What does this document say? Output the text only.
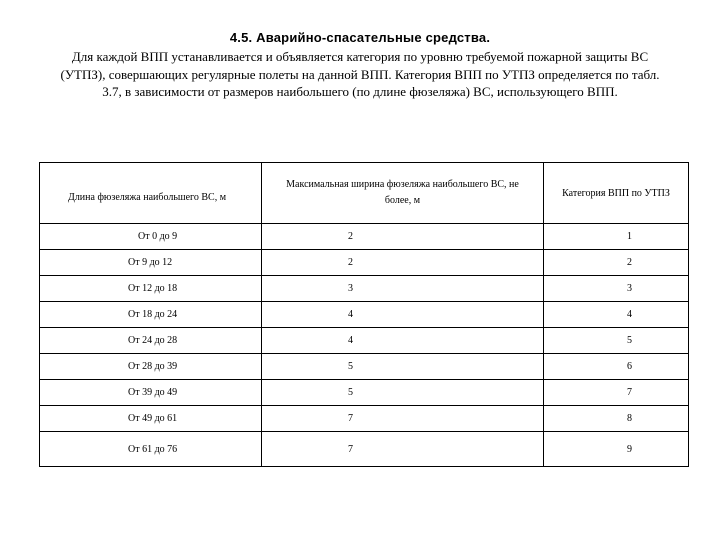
4.5. Аварийно-спасательные средства.
Для каждой ВПП устанавливается и объявляется категория по уровню требуемой пожарной защиты ВС (УТПЗ), совершающих регулярные полеты на данной ВПП. Категория ВПП по УТПЗ определяется по табл. 3.7, в зависимости от размеров наибольшего (по длине фюзеляжа) ВС, использующего ВПП.
Длина фюзеляжа наибольшего ВС, м	Максимальная ширина фюзеляжа наибольшего ВС, не более, м	Категория ВПП по УТПЗ
От 0 до 9	2	1
От 9 до 12	2	2
От 12 до 18	3	3
От 18 до 24	4	4
От 24 до 28	4	5
От 28 до 39	5	6
От 39 до 49	5	7
От 49 до 61	7	8
От 61 до 76	7	9
